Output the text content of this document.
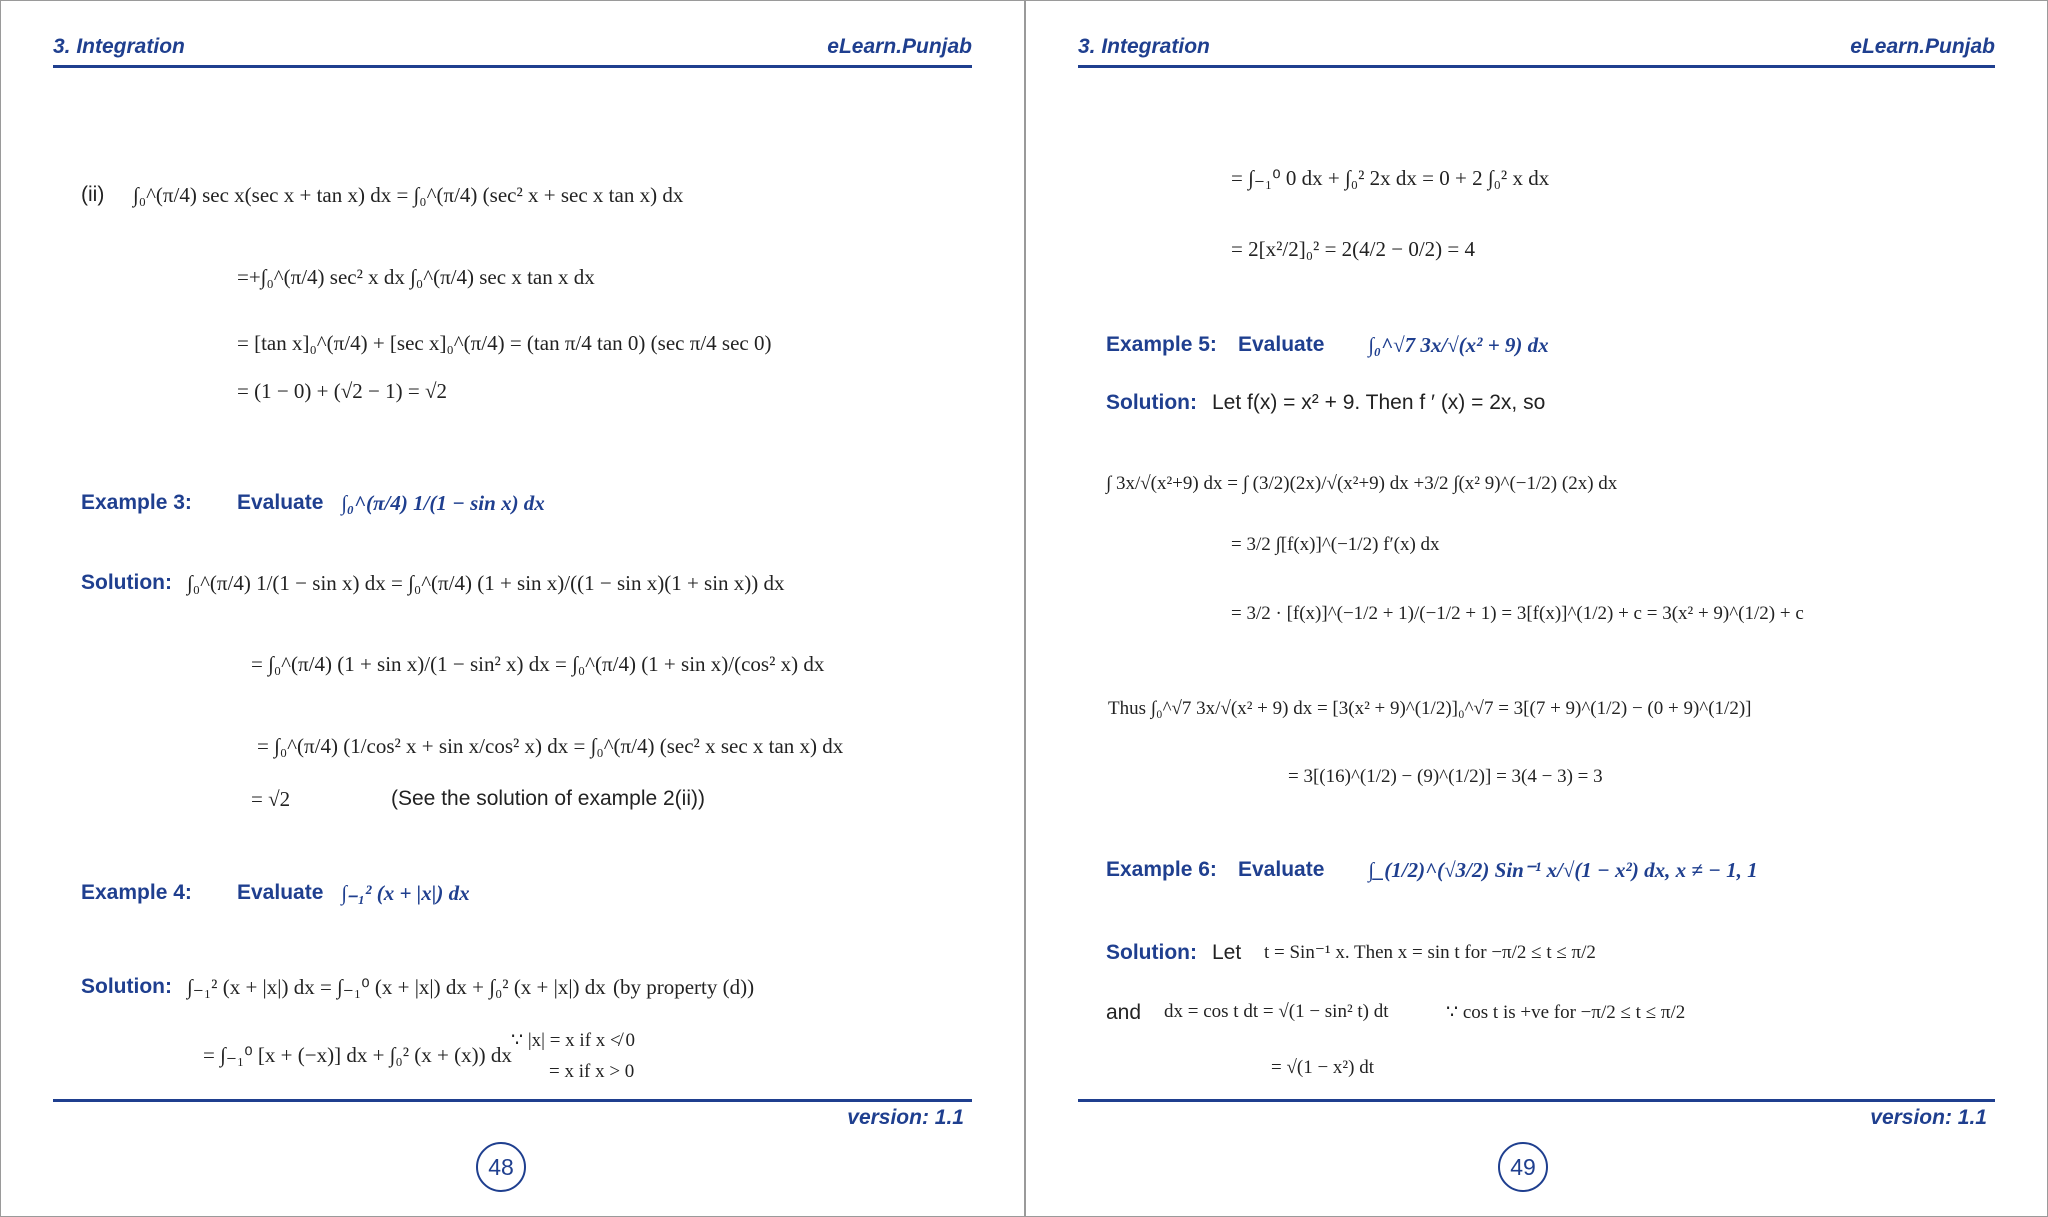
3. Integration	eLearn.Punjab
(ii) ∫₀^(π/4) sec x(sec x + tan x) dx = ∫₀^(π/4) (sec² x + sec x tan x) dx
=+∫₀^(π/4) sec² x dx ∫₀^(π/4) sec x tan x dx
= [tan x]₀^(π/4) + [sec x]₀^(π/4) = (tan π/4 tan 0) (sec π/4 sec 0)
= (1 − 0) + (√2 − 1) = √2
Example 3: Evaluate ∫₀^(π/4) 1/(1 − sin x) dx
Solution: ∫₀^(π/4) 1/(1 − sin x) dx = ∫₀^(π/4) (1 + sin x)/((1 − sin x)(1 + sin x)) dx
= ∫₀^(π/4) (1 + sin x)/(1 − sin² x) dx = ∫₀^(π/4) (1 + sin x)/(cos² x) dx
= ∫₀^(π/4) (1/cos² x + sin x/cos² x) dx = ∫₀^(π/4) (sec² x sec x tan x) dx
= √2	(See the solution of example 2(ii))
Example 4: Evaluate ∫₋₁² (x + |x|) dx
Solution: ∫₋₁² (x + |x|) dx = ∫₋₁⁰ (x + |x|) dx + ∫₀² (x + |x|) dx (by property (d))
= ∫₋₁⁰ [x + (−x)] dx + ∫₀² (x + (x)) dx
∵ |x| = x if x ≮ 0
= x if x > 0
version: 1.1
48
3. Integration	eLearn.Punjab
= ∫₋₁⁰ 0 dx + ∫₀² 2x dx = 0 + 2 ∫₀² x dx
= 2[x²/2]₀² = 2(4/2 − 0/2) = 4
Example 5: Evaluate ∫₀^√7 3x/√(x² + 9) dx
Solution: Let f(x) = x² + 9. Then f ′ (x) = 2x, so
∫ 3x/√(x²+9) dx = ∫ (3/2)(2x)/√(x²+9) dx +3/2 ∫(x² 9)^(−1/2) (2x) dx
= 3/2 ∫[f(x)]^(−1/2) f′(x) dx
= 3/2 · [f(x)]^(−1/2 + 1)/(−1/2 + 1) = 3[f(x)]^(1/2) + c = 3(x² + 9)^(1/2) + c
Thus ∫₀^√7 3x/√(x² + 9) dx = [3(x² + 9)^(1/2)]₀^√7 = 3[(7 + 9)^(1/2) − (0 + 9)^(1/2)]
= 3[(16)^(1/2) − (9)^(1/2)] = 3(4 − 3) = 3
Example 6: Evaluate ∫_(1/2)^(√3/2) Sin⁻¹ x/√(1 − x²) dx, x ≠ − 1, 1
Solution: Let t = Sin⁻¹ x. Then x = sin t for −π/2 ≤ t ≤ π/2
and dx = cos t dt = √(1 − sin² t) dt	∵ cos t is +ve for −π/2 ≤ t ≤ π/2
= √(1 − x²) dt
version: 1.1
49
